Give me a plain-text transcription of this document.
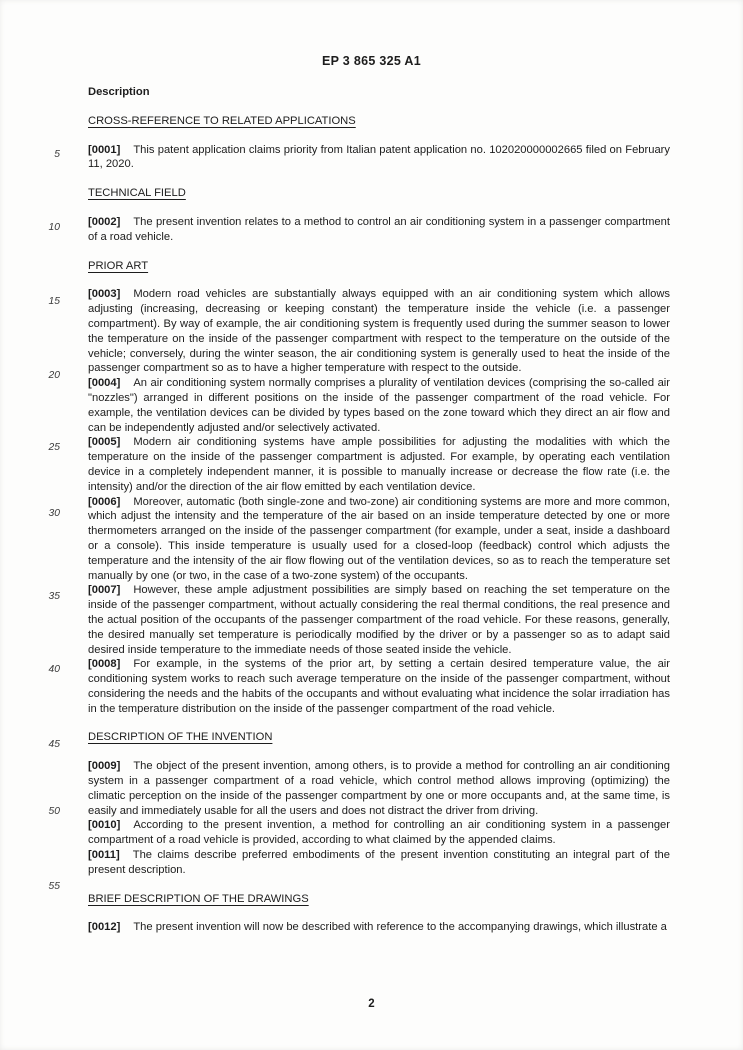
EP 3 865 325 A1
5
10
15
20
25
30
35
40
45
50
55

Description

CROSS-REFERENCE TO RELATED APPLICATIONS

[0001] This patent application claims priority from Italian patent application no. 102020000002665 filed on February 11, 2020.

TECHNICAL FIELD

[0002] The present invention relates to a method to control an air conditioning system in a passenger compartment of a road vehicle.

PRIOR ART

[0003] Modern road vehicles are substantially always equipped with an air conditioning system which allows adjusting (increasing, decreasing or keeping constant) the temperature inside the vehicle (i.e. a passenger compartment). By way of example, the air conditioning system is frequently used during the summer season to lower the temperature on the inside of the passenger compartment with respect to the temperature on the outside of the vehicle; conversely, during the winter season, the air conditioning system is generally used to heat the inside of the passenger compartment so as to have a higher temperature with respect to the outside.

[0004] An air conditioning system normally comprises a plurality of ventilation devices (comprising the so-called air "nozzles") arranged in different positions on the inside of the passenger compartment of the road vehicle. For example, the ventilation devices can be divided by types based on the zone toward which they direct an air flow and can be independently adjusted and/or selectively activated.

[0005] Modern air conditioning systems have ample possibilities for adjusting the modalities with which the temperature on the inside of the passenger compartment is adjusted. For example, by operating each ventilation device in a completely independent manner, it is possible to manually increase or decrease the flow rate (i.e. the intensity) and/or the direction of the air flow emitted by each ventilation device.

[0006] Moreover, automatic (both single-zone and two-zone) air conditioning systems are more and more common, which adjust the intensity and the temperature of the air based on an inside temperature detected by one or more thermometers arranged on the inside of the passenger compartment (for example, under a seat, inside a dashboard or a console). This inside temperature is usually used for a closed-loop (feedback) control which adjusts the temperature and the intensity of the air flow flowing out of the ventilation devices, so as to reach the temperature set manually by one (or two, in the case of a two-zone system) of the occupants.

[0007] However, these ample adjustment possibilities are simply based on reaching the set temperature on the inside of the passenger compartment, without actually considering the real thermal conditions, the real presence and the actual position of the occupants of the passenger compartment of the road vehicle. For these reasons, generally, the desired manually set temperature is periodically modified by the driver or by a passenger so as to adapt said desired inside temperature to the immediate needs of those seated inside the vehicle.

[0008] For example, in the systems of the prior art, by setting a certain desired temperature value, the air conditioning system works to reach such average temperature on the inside of the passenger compartment, without considering the needs and the habits of the occupants and without evaluating what incidence the solar irradiation has in the temperature distribution on the inside of the passenger compartment of the road vehicle.

DESCRIPTION OF THE INVENTION

[0009] The object of the present invention, among others, is to provide a method for controlling an air conditioning system in a passenger compartment of a road vehicle, which control method allows improving (optimizing) the climatic perception on the inside of the passenger compartment by one or more occupants and, at the same time, is easily and immediately usable for all the users and does not distract the driver from driving.

[0010] According to the present invention, a method for controlling an air conditioning system in a passenger compartment of a road vehicle is provided, according to what claimed by the appended claims.

[0011] The claims describe preferred embodiments of the present invention constituting an integral part of the present description.

BRIEF DESCRIPTION OF THE DRAWINGS

[0012] The present invention will now be described with reference to the accompanying drawings, which illustrate a

2
